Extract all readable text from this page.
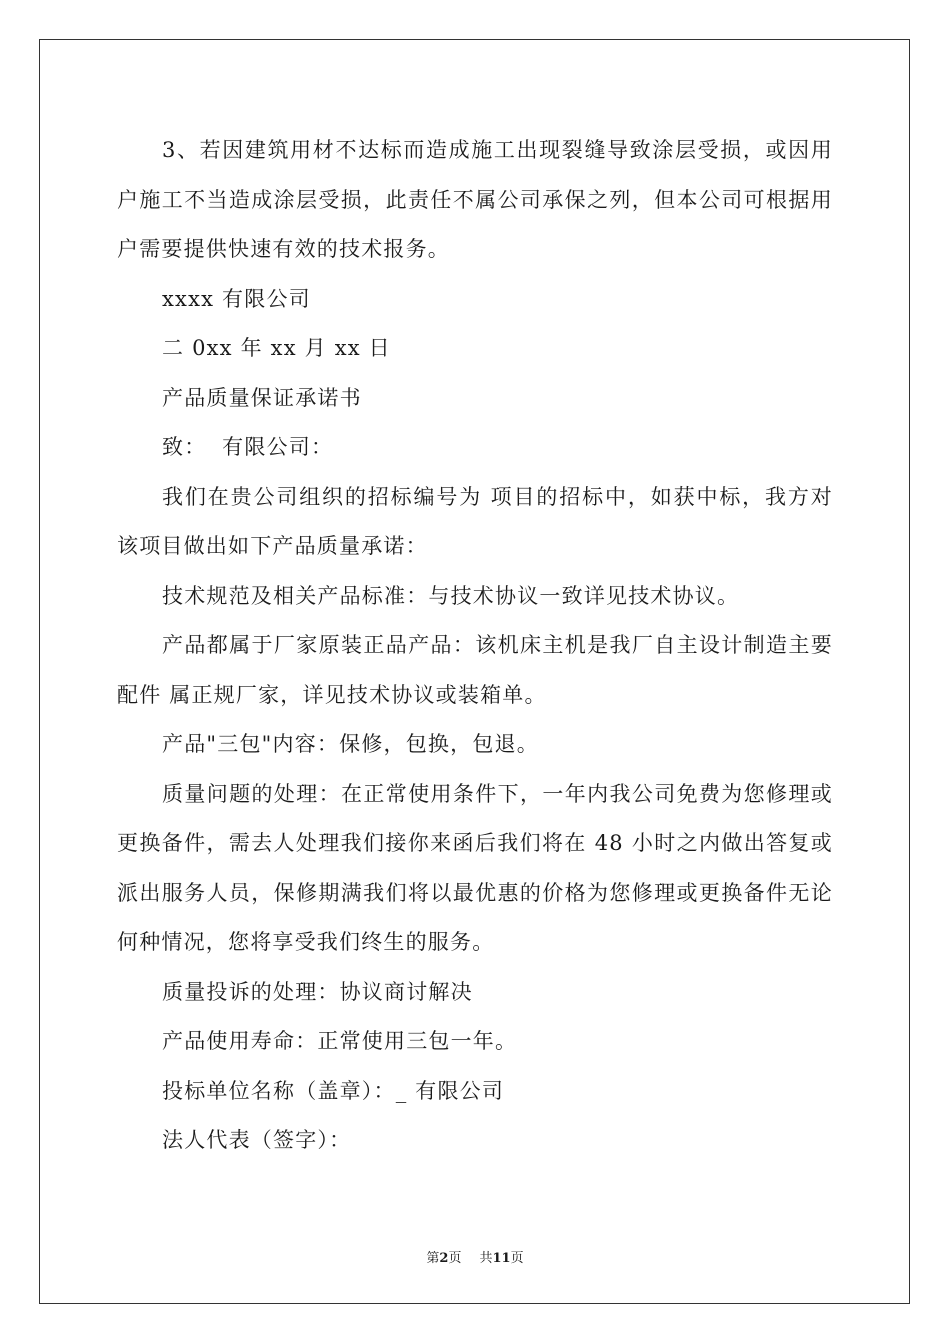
3、若因建筑用材不达标而造成施工出现裂缝导致涂层受损，或因用户施工不当造成涂层受损，此责任不属公司承保之列，但本公司可根据用户需要提供快速有效的技术报务。

xxxx 有限公司

二 0xx 年 xx 月 xx 日

产品质量保证承诺书

致：  有限公司：

我们在贵公司组织的招标编号为 项目的招标中，如获中标，我方对该项目做出如下产品质量承诺：

技术规范及相关产品标准：与技术协议一致详见技术协议。

产品都属于厂家原装正品产品：该机床主机是我厂自主设计制造主要配件 属正规厂家，详见技术协议或装箱单。

产品"三包"内容：保修，包换，包退。

质量问题的处理：在正常使用条件下，一年内我公司免费为您修理或更换备件，需去人处理我们接你来函后我们将在 48 小时之内做出答复或派出服务人员，保修期满我们将以最优惠的价格为您修理或更换备件无论何种情况，您将享受我们终生的服务。

质量投诉的处理：协议商讨解决

产品使用寿命：正常使用三包一年。

投标单位名称（盖章）：_ 有限公司

法人代表（签字）：

第2页 共11页
